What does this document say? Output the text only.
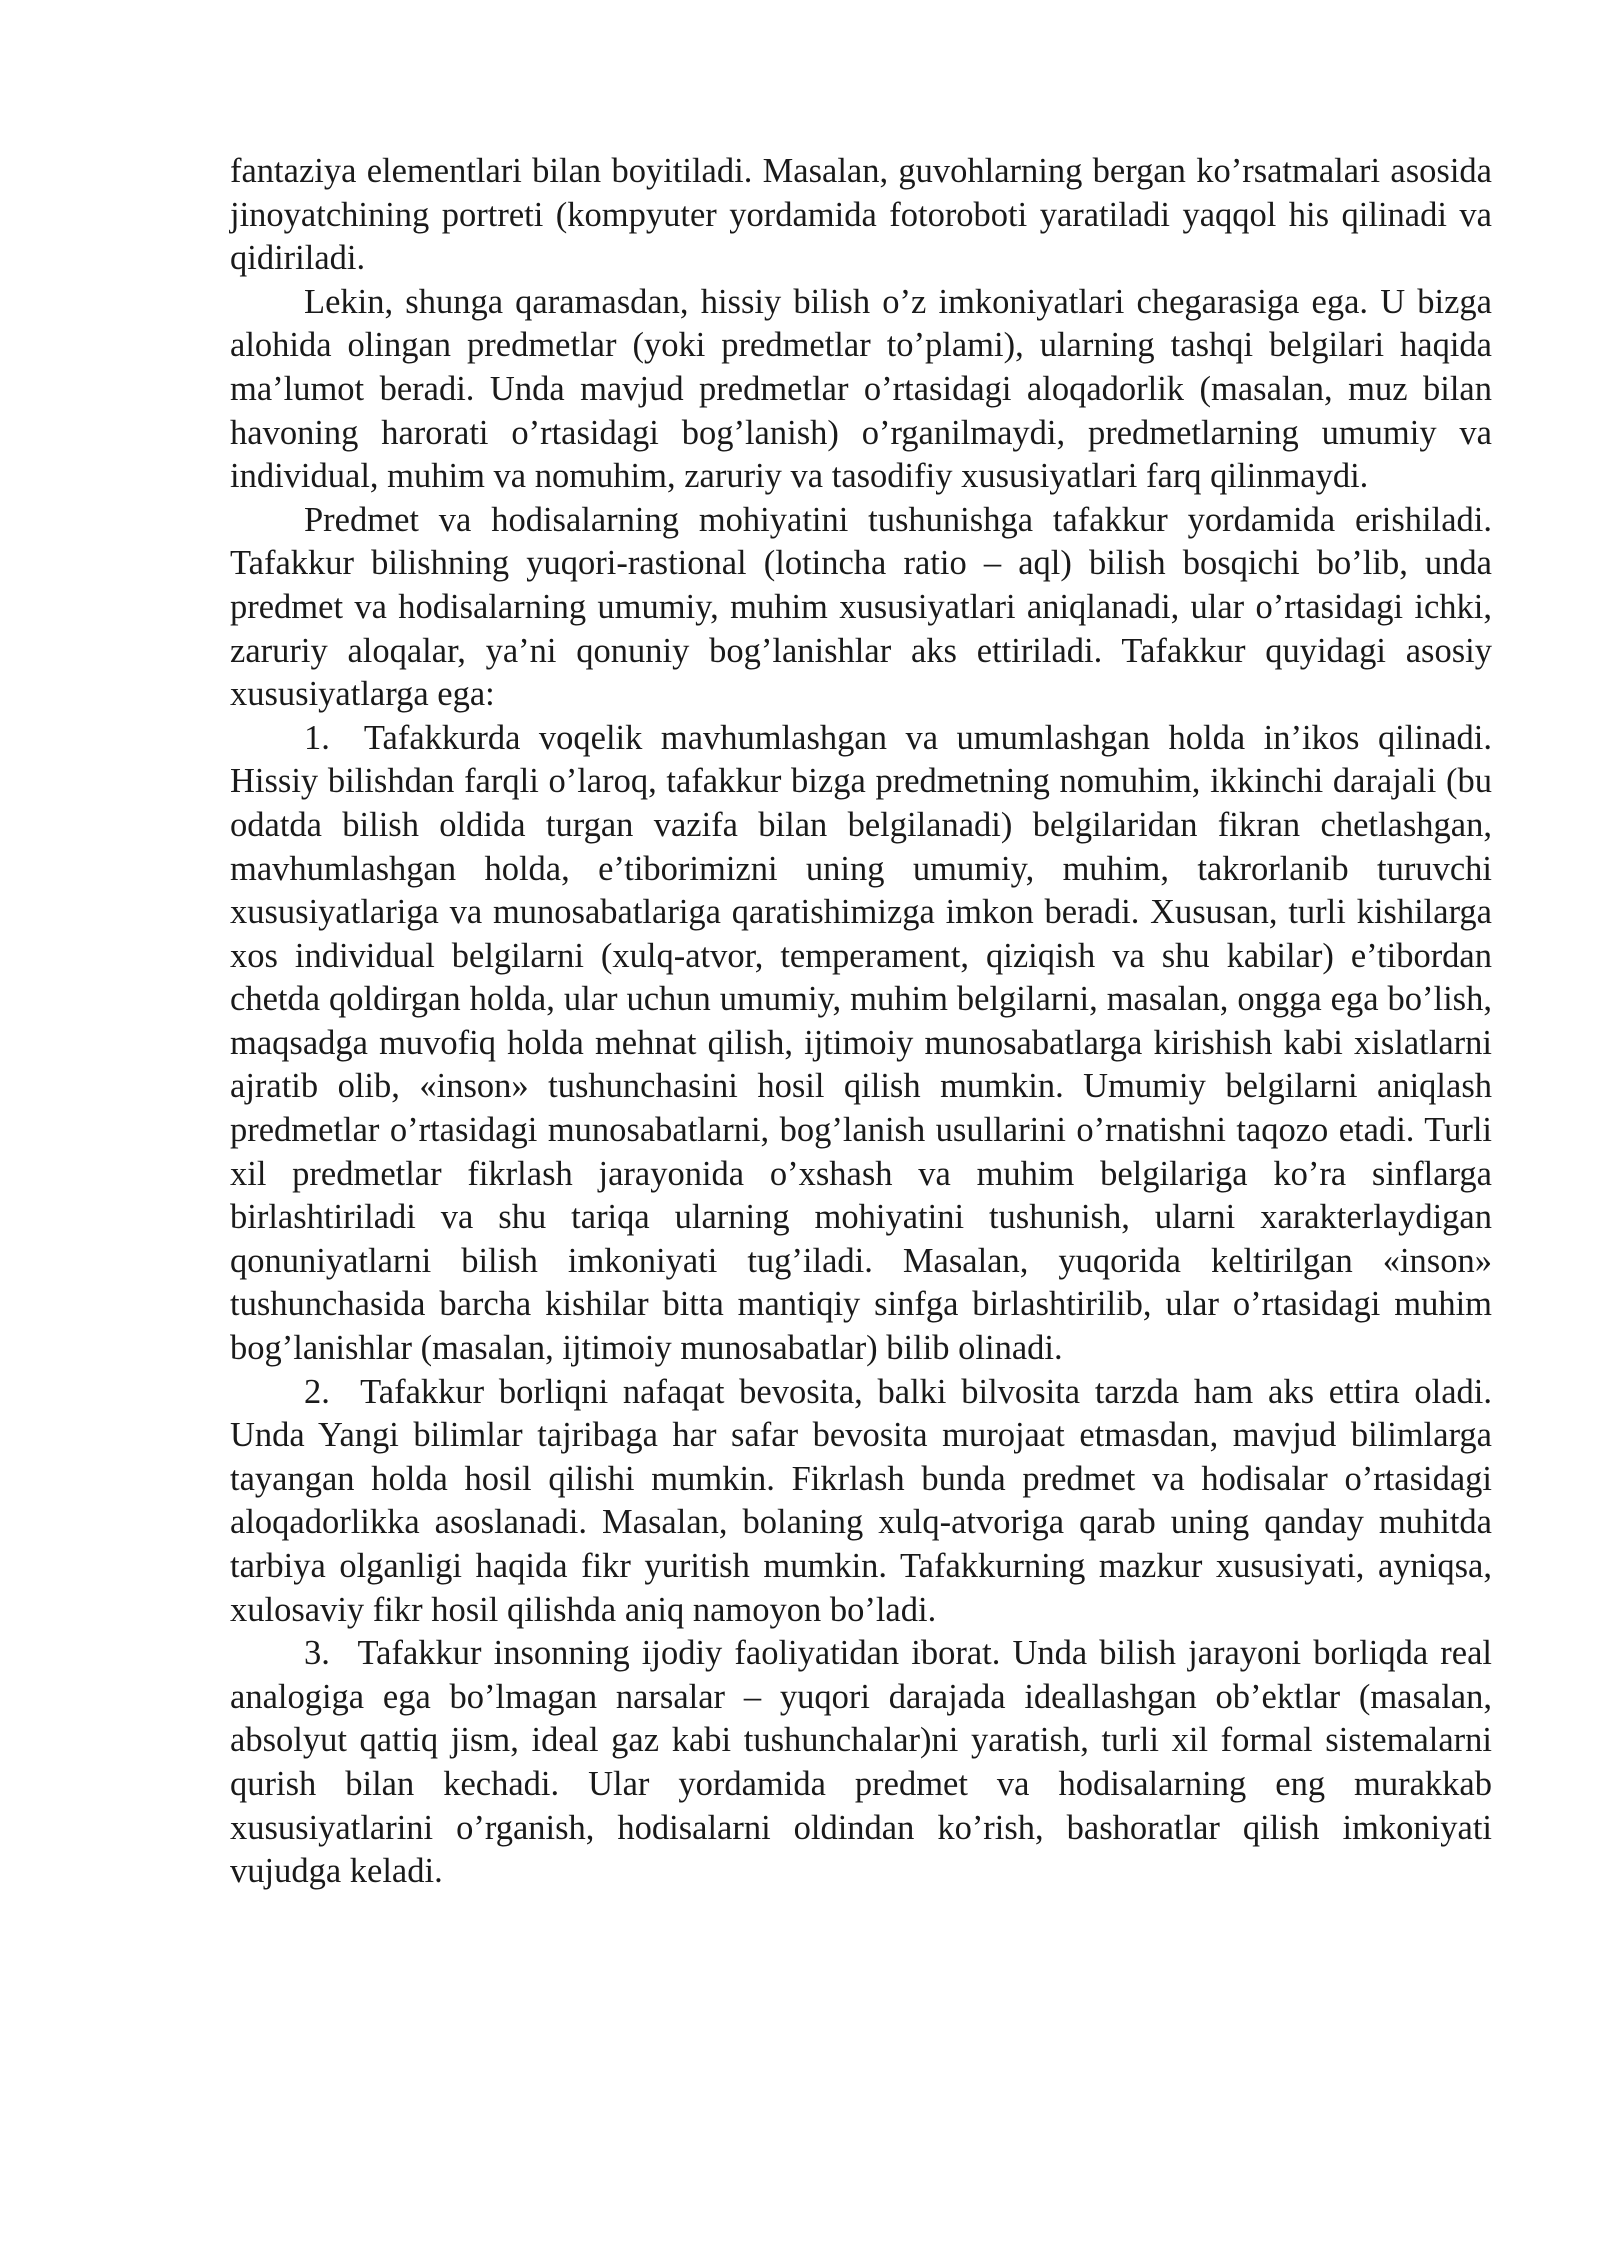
fantaziya elementlari bilan boyitiladi. Masalan, guvohlarning bergan ko’rsatmalari asosida jinoyatchining portreti (kompyuter yordamida fotoroboti yaratiladi yaqqol his qilinadi va qidiriladi.

Lekin, shunga qaramasdan, hissiy bilish o’z imkoniyatlari chegarasiga ega. U bizga alohida olingan predmetlar (yoki predmetlar to’plami), ularning tashqi belgilari haqida ma’lumot beradi. Unda mavjud predmetlar o’rtasidagi aloqadorlik (masalan, muz bilan havoning harorati o’rtasidagi bog’lanish) o’rganilmaydi, predmetlarning umumiy va individual, muhim va nomuhim, zaruriy va tasodifiy xususiyatlari farq qilinmaydi.

Predmet va hodisalarning mohiyatini tushunishga tafakkur yordamida erishiladi. Tafakkur bilishning yuqori-rastional (lotincha ratio – aql) bilish bosqichi bo’lib, unda predmet va hodisalarning umumiy, muhim xususiyatlari aniqlanadi, ular o’rtasidagi ichki, zaruriy aloqalar, ya’ni qonuniy bog’lanishlar aks ettiriladi. Tafakkur quyidagi asosiy xususiyatlarga ega:

1. Tafakkurda voqelik mavhumlashgan va umumlashgan holda in’ikos qilinadi. Hissiy bilishdan farqli o’laroq, tafakkur bizga predmetning nomuhim, ikkinchi darajali (bu odatda bilish oldida turgan vazifa bilan belgilanadi) belgilaridan fikran chetlashgan, mavhumlashgan holda, e’tiborimizni uning umumiy, muhim, takrorlanib turuvchi xususiyatlariga va munosabatlariga qaratishimizga imkon beradi. Xususan, turli kishilarga xos individual belgilarni (xulq-atvor, temperament, qiziqish va shu kabilar) e’tibordan chetda qoldirgan holda, ular uchun umumiy, muhim belgilarni, masalan, ongga ega bo’lish, maqsadga muvofiq holda mehnat qilish, ijtimoiy munosabatlarga kirishish kabi xislatlarni ajratib olib, «inson» tushunchasini hosil qilish mumkin. Umumiy belgilarni aniqlash predmetlar o’rtasidagi munosabatlarni, bog’lanish usullarini o’rnatishni taqozo etadi. Turli xil predmetlar fikrlash jarayonida o’xshash va muhim belgilariga ko’ra sinflarga birlashtiriladi va shu tariqa ularning mohiyatini tushunish, ularni xarakterlaydigan qonuniyatlarni bilish imkoniyati tug’iladi. Masalan, yuqorida keltirilgan «inson» tushunchasida barcha kishilar bitta mantiqiy sinfga birlashtirilib, ular o’rtasidagi muhim bog’lanishlar (masalan, ijtimoiy munosabatlar) bilib olinadi.

2. Tafakkur borliqni nafaqat bevosita, balki bilvosita tarzda ham aks ettira oladi. Unda Yangi bilimlar tajribaga har safar bevosita murojaat etmasdan, mavjud bilimlarga tayangan holda hosil qilishi mumkin. Fikrlash bunda predmet va hodisalar o’rtasidagi aloqadorlikka asoslanadi. Masalan, bolaning xulq-atvoriga qarab uning qanday muhitda tarbiya olganligi haqida fikr yuritish mumkin. Tafakkurning mazkur xususiyati, ayniqsa, xulosaviy fikr hosil qilishda aniq namoyon bo’ladi.

3. Tafakkur insonning ijodiy faoliyatidan iborat. Unda bilish jarayoni borliqda real analogiga ega bo’lmagan narsalar – yuqori darajada ideallashgan ob’ektlar (masalan, absolyut qattiq jism, ideal gaz kabi tushunchalar)ni yaratish, turli xil formal sistemalarni qurish bilan kechadi. Ular yordamida predmet va hodisalarning eng murakkab xususiyatlarini o’rganish, hodisalarni oldindan ko’rish, bashoratlar qilish imkoniyati vujudga keladi.
